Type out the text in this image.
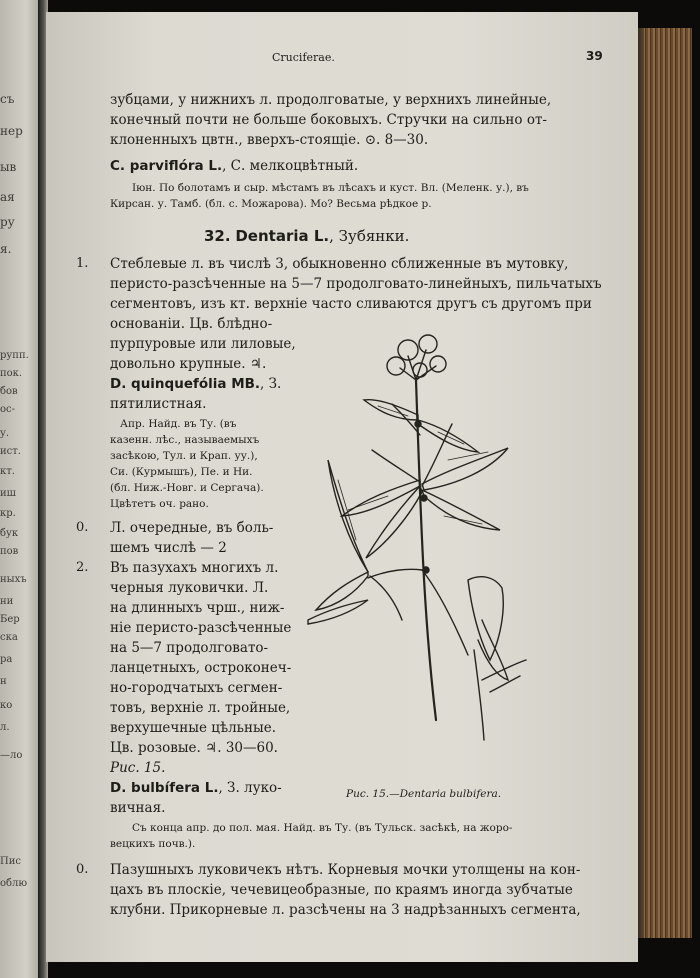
съ
нер
ыв
ая
ру
я.
рупп.
пок.
бов
ос-
у.
ист.
кт.
иш
кр.
бук
пов
ныхъ
ни
Бер
ска
ра
н
ко
л.
—ло
Пис
облю
Cruciferae.	39
зубцами, у нижнихъ л. продолговатые, у верхнихъ линейные,
конечный почти не больше боковыхъ. Стручки на сильно от-
клоненныхъ цвтн., вверхъ-стоящіе. ⊙. 8—30.
C. parviflóra L., С. мелкоцвѣтный.
Іюн. По болотамъ и сыр. мѣстамъ въ лѣсахъ и куст. Вл. (Меленк. у.), въ
Кирсан. у. Тамб. (бл. с. Можарова). Mo? Весьма рѣдкое р.
32. Dentaria L., Зубянки.
1. Стеблевые л. въ числѣ 3, обыкновенно сближенные въ мутовку,
перисто-разсѣченные на 5—7 продолговато-линейныхъ, пильчатыхъ
сегментовъ, изъ кт. верхніе часто сливаются другъ съ другомъ при
основаніи. Цв. блѣдно-
пурпуровые или лиловые,
довольно крупные. ♃.
D. quinquefólia MB., З.
пятилистная.
Апр. Найд. въ Ту. (въ
казенн. лѣс., называемыхъ
засѣкою, Тул. и Крап. уу.),
Си. (Курмышъ), Пе. и Ни.
(бл. Ниж.-Новг. и Сергача).
Цвѣтетъ оч. рано.
0. Л. очередные, въ боль-
шемъ числѣ — 2
2. Въ пазухахъ многихъ л.
черныя луковички. Л.
на длинныхъ чрш., ниж-
ніе перисто-разсѣченные
на 5—7 продолговато-
ланцетныхъ, остроконеч-
но-городчатыхъ сегмен-
товъ, верхніе л. тройные,
верхушечные цѣльные.
Цв. розовые. ♃. 30—60.
Рис. 15.
D. bulbífera L., З. луко-
вичная.
Рис. 15.—Dentaria bulbifera.
Съ конца апр. до пол. мая. Найд. въ Ту. (въ Тульск. засѣкѣ, на жоро-
вецкихъ почв.).
0. Пазушныхъ луковичекъ нѣтъ. Корневыя мочки утолщены на кон-
цахъ въ плоскіе, чечевицеобразные, по краямъ иногда зубчатые
клубни. Прикорневые л. разсѣчены на 3 надрѣзанныхъ сегмента,
